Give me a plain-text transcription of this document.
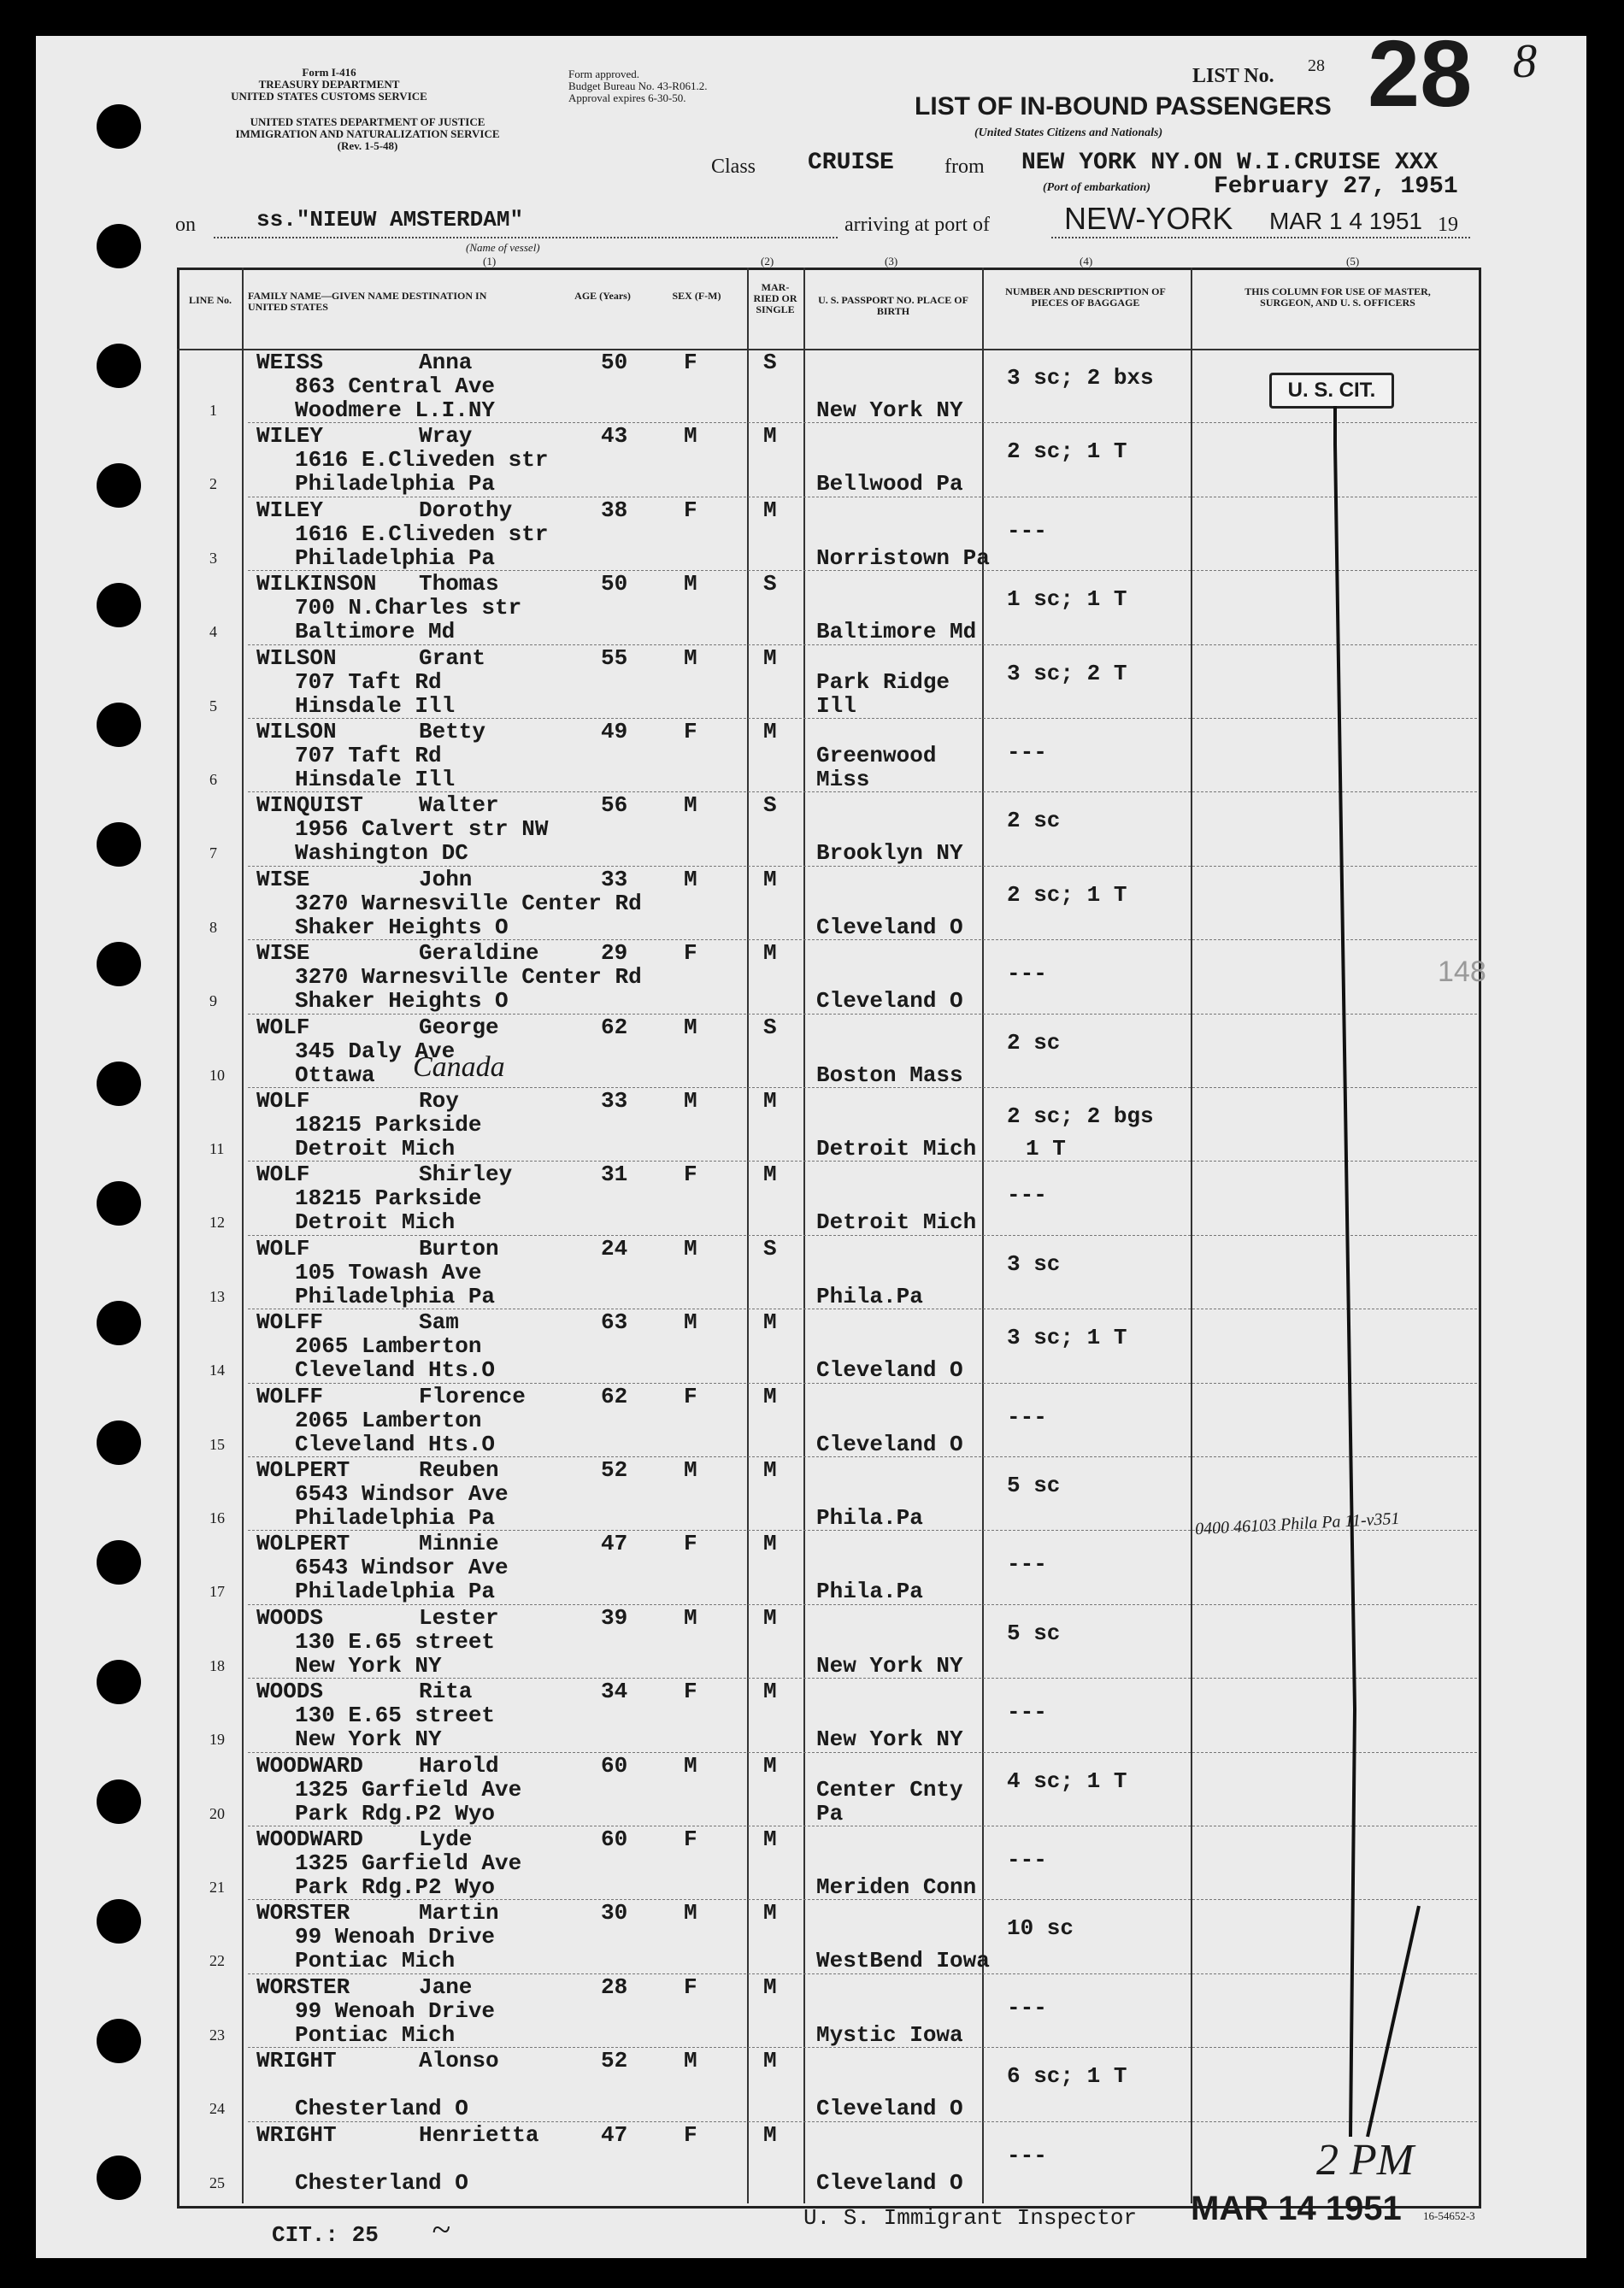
Form I-416
TREASURY DEPARTMENT
UNITED STATES CUSTOMS SERVICE
UNITED STATES DEPARTMENT OF JUSTICE
IMMIGRATION AND NATURALIZATION SERVICE
(Rev. 1-5-48)
Form approved.
Budget Bureau No. 43-R061.2.
Approval expires 6-30-50.
LIST No. 28 28 8
LIST OF IN-BOUND PASSENGERS
(United States Citizens and Nationals)
Class CRUISE from NEW YORK NY.ON W.I.CRUISE XXX
(Port of embarkation)	February 27, 1951
on	ss."NIEUW AMSTERDAM"
(Name of vessel)
(1)
arriving at port of NEW-YORK MAR 1 4 1951 19
(2)	(3)	(4)	(5)
LINE No.	FAMILY NAME—GIVEN NAME DESTINATION IN UNITED STATES
AGE (Years)	SEX (F-M)
MAR-RIED OR SINGLE
U. S. PASSPORT NO. PLACE OF BIRTH
NUMBER AND DESCRIPTION OF PIECES OF BAGGAGE
THIS COLUMN FOR USE OF MASTER, SURGEON, AND U. S. OFFICERS
1
WEISS	Anna
863 Central Ave
Woodmere L.I.NY
50	F	S
New York NY
3 sc; 2 bxs
2
WILEY	Wray
1616 E.Cliveden str
Philadelphia Pa
43	M	M
Bellwood Pa
2 sc; 1 T
3
WILEY	Dorothy
1616 E.Cliveden str
Philadelphia Pa
38	F	M
Norristown Pa
---
4
WILKINSON Thomas
700 N.Charles str
Baltimore Md
50	M	S
Baltimore Md
1 sc; 1 T
5
WILSON	Grant
707 Taft Rd
Hinsdale Ill
55	M	M
Park Ridge
Ill
3 sc; 2 T
6
WILSON	Betty
707 Taft Rd
Hinsdale Ill
49	F	M
Greenwood
Miss
---
7
WINQUIST	Walter
1956 Calvert str NW
Washington DC
56	M	S
Brooklyn NY
2 sc
8
WISE	John
3270 Warnesville Center Rd
Shaker Heights O
33	M	M
Cleveland O
2 sc; 1 T
9
WISE	Geraldine
3270 Warnesville Center Rd
Shaker Heights O
29	F	M
Cleveland O
---
10
WOLF	George
345 Daly Ave
Ottawa
62	M	S
Boston Mass
2 sc
11
WOLF	Roy
18215 Parkside
Detroit Mich
33	M	M
Detroit Mich
2 sc; 2 bgs
1 T
12
WOLF	Shirley
18215 Parkside
Detroit Mich
31	F	M
Detroit Mich
---
13
WOLF	Burton
105 Towash Ave
Philadelphia Pa
24	M	S
Phila.Pa
3 sc
14
WOLFF	Sam
2065 Lamberton
Cleveland Hts.O
63	M	M
Cleveland O
3 sc; 1 T
15
WOLFF	Florence
2065 Lamberton
Cleveland Hts.O
62	F	M
Cleveland O
---
16
WOLPERT	Reuben
6543 Windsor Ave
Philadelphia Pa
52	M	M
Phila.Pa
5 sc
17
WOLPERT	Minnie
6543 Windsor Ave
Philadelphia Pa
47	F	M
Phila.Pa
---
18
WOODS	Lester
130 E.65 street
New York NY
39	M	M
New York NY
5 sc
19
WOODS	Rita
130 E.65 street
New York NY
34	F	M
New York NY
---
20
WOODWARD	Harold
1325 Garfield Ave
Park Rdg.P2 Wyo
60	M	M
Center Cnty
Pa
4 sc; 1 T
21
WOODWARD	Lyde
1325 Garfield Ave
Park Rdg.P2 Wyo
60	F	M
Meriden Conn
---
22
WORSTER	Martin
99 Wenoah Drive
Pontiac Mich
30	M	M
WestBend Iowa
10 sc
23
WORSTER	Jane
99 Wenoah Drive
Pontiac Mich
28	F	M
Mystic Iowa
---
24
WRIGHT	Alonso
Chesterland O
52	M	M
Cleveland O
6 sc; 1 T
25
WRIGHT	Henrietta
Chesterland O
47	F	M
Cleveland O
---
U. S. CIT.
148
0400 46103 Phila Pa 11-v351
CIT.: 25 ~	U. S. Immigrant Inspector MAR 14 1951
2 PM
16-54652-3
Canada
